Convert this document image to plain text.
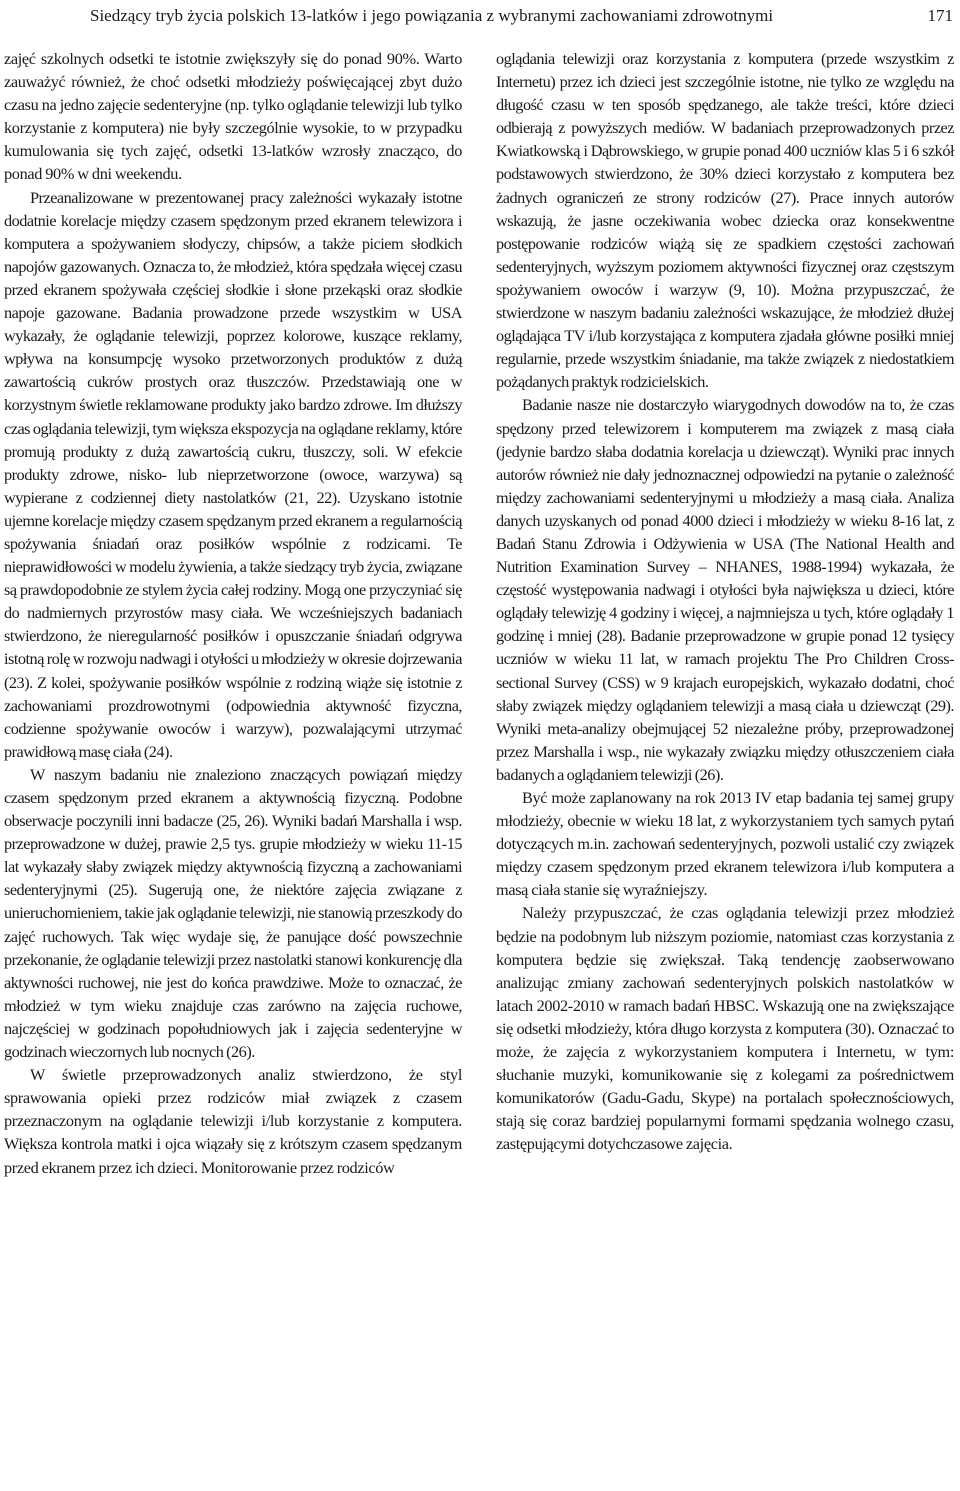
Siedzący tryb życia polskich 13-latków i jego powiązania z wybranymi zachowaniami zdrowotnymi	171

zajęć szkolnych odsetki te istotnie zwiększyły się do ponad 90%. Warto zauważyć również, że choć odsetki młodzieży poświęcającej zbyt dużo czasu na jedno zajęcie sedenteryjne (np. tylko oglądanie telewizji lub tylko korzystanie z komputera) nie były szczególnie wysokie, to w przypadku kumulowania się tych zajęć, odsetki 13-latków wzrosły znacząco, do ponad 90% w dni weekendu.

Przeanalizowane w prezentowanej pracy zależności wykazały istotne dodatnie korelacje między czasem spędzonym przed ekranem telewizora i komputera a spożywaniem słodyczy, chipsów, a także piciem słodkich napojów gazowanych. Oznacza to, że młodzież, która spędzała więcej czasu przed ekranem spożywała częściej słodkie i słone przekąski oraz słodkie napoje gazowane. Badania prowadzone przede wszystkim w USA wykazały, że oglądanie telewizji, poprzez kolorowe, kuszące reklamy, wpływa na konsumpcję wysoko przetworzonych produktów z dużą zawartością cukrów prostych oraz tłuszczów. Przedstawiają one w korzystnym świetle reklamowane produkty jako bardzo zdrowe. Im dłuższy czas oglądania telewizji, tym większa ekspozycja na oglądane reklamy, które promują produkty z dużą zawartością cukru, tłuszczy, soli. W efekcie produkty zdrowe, nisko- lub nieprzetworzone (owoce, warzywa) są wypierane z codziennej diety nastolatków (21, 22). Uzyskano istotnie ujemne korelacje między czasem spędzanym przed ekranem a regularnością spożywania śniadań oraz posiłków wspólnie z rodzicami. Te nieprawidłowości w modelu żywienia, a także siedzący tryb życia, związane są prawdopodobnie ze stylem życia całej rodziny. Mogą one przyczyniać się do nadmiernych przyrostów masy ciała. We wcześniejszych badaniach stwierdzono, że nieregularność posiłków i opuszczanie śniadań odgrywa istotną rolę w rozwoju nadwagi i otyłości u młodzieży w okresie dojrzewania (23). Z kolei, spożywanie posiłków wspólnie z rodziną wiąże się istotnie z zachowaniami prozdrowotnymi (odpowiednia aktywność fizyczna, codzienne spożywanie owoców i warzyw), pozwalającymi utrzymać prawidłową masę ciała (24).

W naszym badaniu nie znaleziono znaczących powiązań między czasem spędzonym przed ekranem a aktywnością fizyczną. Podobne obserwacje poczynili inni badacze (25, 26). Wyniki badań Marshalla i wsp. przeprowadzone w dużej, prawie 2,5 tys. grupie młodzieży w wieku 11-15 lat wykazały słaby związek między aktywnością fizyczną a zachowaniami sedenteryjnymi (25). Sugerują one, że niektóre zajęcia związane z unieruchomieniem, takie jak oglądanie telewizji, nie stanowią przeszkody do zajęć ruchowych. Tak więc wydaje się, że panujące dość powszechnie przekonanie, że oglądanie telewizji przez nastolatki stanowi konkurencję dla aktywności ruchowej, nie jest do końca prawdziwe. Może to oznaczać, że młodzież w tym wieku znajduje czas zarówno na zajęcia ruchowe, najczęściej w godzinach popołudniowych jak i zajęcia sedenteryjne w godzinach wieczornych lub nocnych (26).

W świetle przeprowadzonych analiz stwierdzono, że styl sprawowania opieki przez rodziców miał związek z czasem przeznaczonym na oglądanie telewizji i/lub korzystanie z komputera. Większa kontrola matki i ojca wiązały się z krótszym czasem spędzanym przed ekranem przez ich dzieci. Monitorowanie przez rodziców

oglądania telewizji oraz korzystania z komputera (przede wszystkim z Internetu) przez ich dzieci jest szczególnie istotne, nie tylko ze względu na długość czasu w ten sposób spędzanego, ale także treści, które dzieci odbierają z powyższych mediów. W badaniach przeprowadzonych przez Kwiatkowską i Dąbrowskiego, w grupie ponad 400 uczniów klas 5 i 6 szkół podstawowych stwierdzono, że 30% dzieci korzystało z komputera bez żadnych ograniczeń ze strony rodziców (27). Prace innych autorów wskazują, że jasne oczekiwania wobec dziecka oraz konsekwentne postępowanie rodziców wiążą się ze spadkiem częstości zachowań sedenteryjnych, wyższym poziomem aktywności fizycznej oraz częstszym spożywaniem owoców i warzyw (9, 10). Można przypuszczać, że stwierdzone w naszym badaniu zależności wskazujące, że młodzież dłużej oglądająca TV i/lub korzystająca z komputera zjadała główne posiłki mniej regularnie, przede wszystkim śniadanie, ma także związek z niedostatkiem pożądanych praktyk rodzicielskich.

Badanie nasze nie dostarczyło wiarygodnych dowodów na to, że czas spędzony przed telewizorem i komputerem ma związek z masą ciała (jedynie bardzo słaba dodatnia korelacja u dziewcząt). Wyniki prac innych autorów również nie dały jednoznacznej odpowiedzi na pytanie o zależność między zachowaniami sedenteryjnymi u młodzieży a masą ciała. Analiza danych uzyskanych od ponad 4000 dzieci i młodzieży w wieku 8-16 lat, z Badań Stanu Zdrowia i Odżywienia w USA (The National Health and Nutrition Examination Survey – NHANES, 1988-1994) wykazała, że częstość występowania nadwagi i otyłości była największa u dzieci, które oglądały telewizję 4 godziny i więcej, a najmniejsza u tych, które oglądały 1 godzinę i mniej (28). Badanie przeprowadzone w grupie ponad 12 tysięcy uczniów w wieku 11 lat, w ramach projektu The Pro Children Cross-sectional Survey (CSS) w 9 krajach europejskich, wykazało dodatni, choć słaby związek między oglądaniem telewizji a masą ciała u dziewcząt (29). Wyniki meta-analizy obejmującej 52 niezależne próby, przeprowadzonej przez Marshalla i wsp., nie wykazały związku między otłuszczeniem ciała badanych a oglądaniem telewizji (26).

Być może zaplanowany na rok 2013 IV etap badania tej samej grupy młodzieży, obecnie w wieku 18 lat, z wykorzystaniem tych samych pytań dotyczących m.in. zachowań sedenteryjnych, pozwoli ustalić czy związek między czasem spędzonym przed ekranem telewizora i/lub komputera a masą ciała stanie się wyraźniejszy.

Należy przypuszczać, że czas oglądania telewizji przez młodzież będzie na podobnym lub niższym poziomie, natomiast czas korzystania z komputera będzie się zwiększał. Taką tendencję zaobserwowano analizując zmiany zachowań sedenteryjnych polskich nastolatków w latach 2002-2010 w ramach badań HBSC. Wskazują one na zwiększające się odsetki młodzieży, która długo korzysta z komputera (30). Oznaczać to może, że zajęcia z wykorzystaniem komputera i Internetu, w tym: słuchanie muzyki, komunikowanie się z kolegami za pośrednictwem komunikatorów (Gadu-Gadu, Skype) na portalach społecznościowych, stają się coraz bardziej popularnymi formami spędzania wolnego czasu, zastępującymi dotychczasowe zajęcia.
